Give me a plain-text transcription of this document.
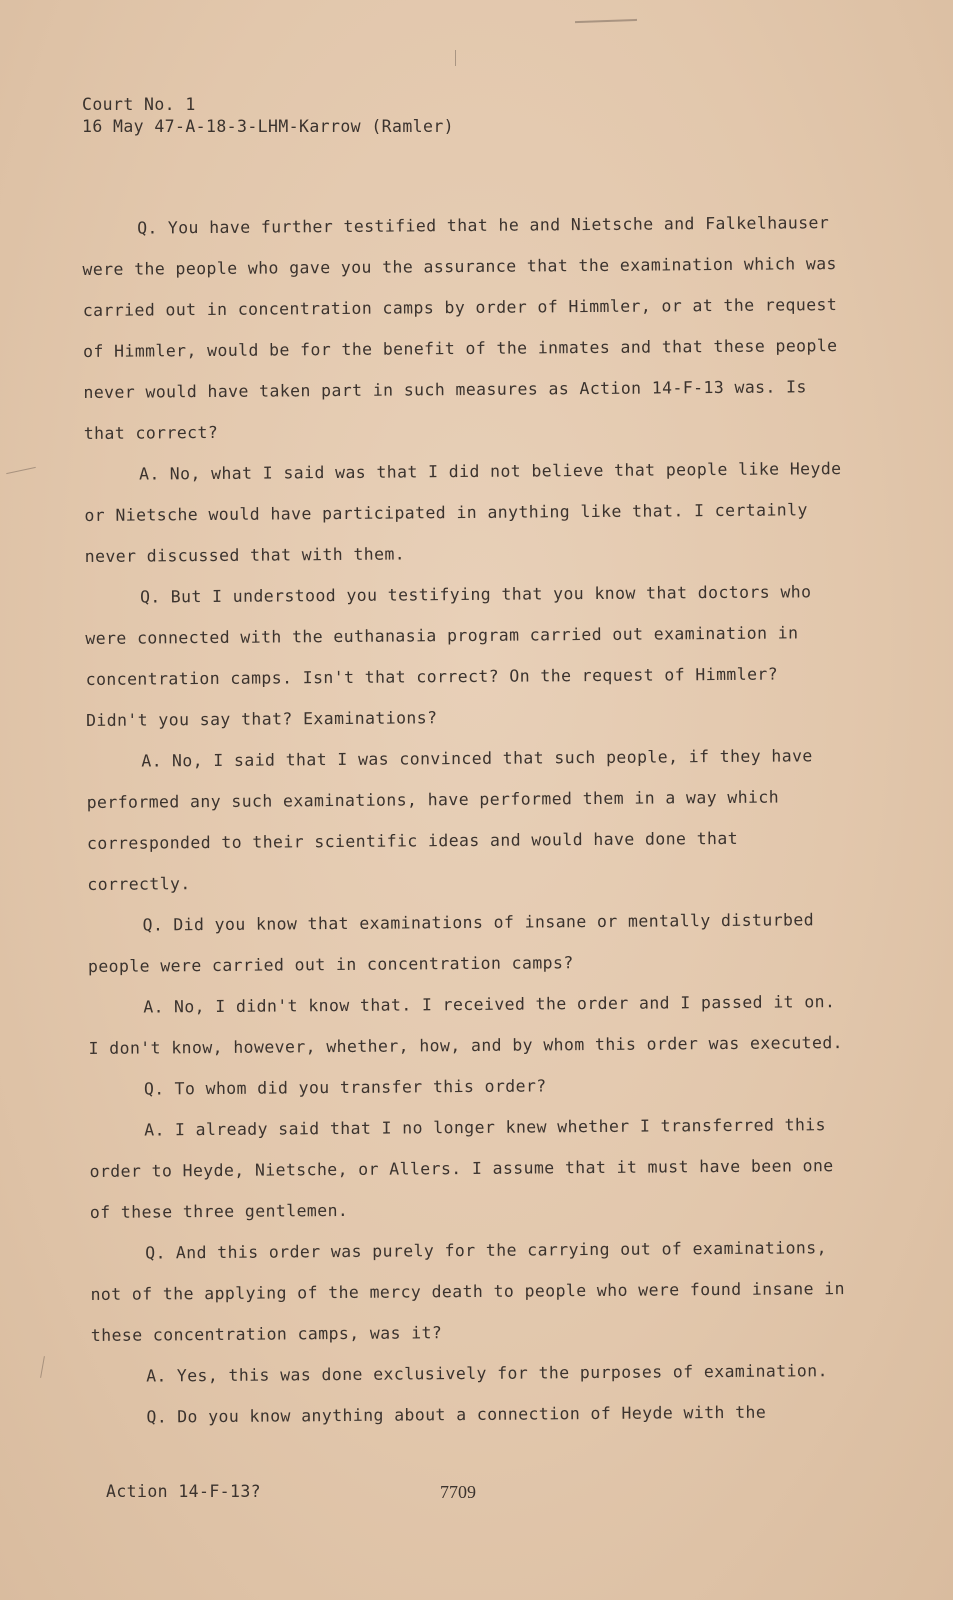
Court No. 1
16 May 47-A-18-3-LHM-Karrow (Ramler)

Q. You have further testified that he and Nietsche and Falkelhauser were the people who gave you the assurance that the examination which was carried out in concentration camps by order of Himmler, or at the request of Himmler, would be for the benefit of the inmates and that these people never would have taken part in such measures as Action 14-F-13 was. Is that correct?

A. No, what I said was that I did not believe that people like Heyde or Nietsche would have participated in anything like that. I certainly never discussed that with them.

Q. But I understood you testifying that you know that doctors who were connected with the euthanasia program carried out examination in concentration camps. Isn't that correct? On the request of Himmler? Didn't you say that? Examinations?

A. No, I said that I was convinced that such people, if they have performed any such examinations, have performed them in a way which corresponded to their scientific ideas and would have done that correctly.

Q. Did you know that examinations of insane or mentally disturbed people were carried out in concentration camps?

A. No, I didn't know that. I received the order and I passed it on. I don't know, however, whether, how, and by whom this order was executed.

Q. To whom did you transfer this order?

A. I already said that I no longer knew whether I transferred this order to Heyde, Nietsche, or Allers. I assume that it must have been one of these three gentlemen.

Q. And this order was purely for the carrying out of examinations, not of the applying of the mercy death to people who were found insane in these concentration camps, was it?

A. Yes, this was done exclusively for the purposes of examination.

Q. Do you know anything about a connection of Heyde with the

Action 14-F-13?	7709
